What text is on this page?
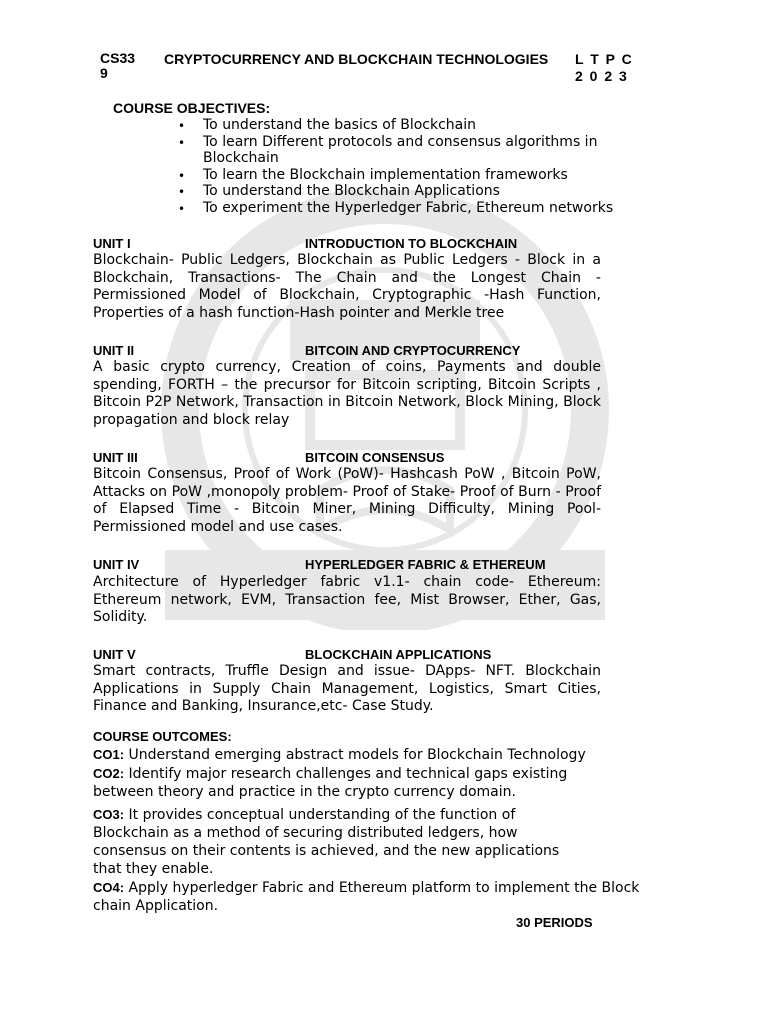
CS33 9
CRYPTOCURRENCY AND BLOCKCHAIN TECHNOLOGIES L T P C
2 0 2 3
COURSE OBJECTIVES:
• To understand the basics of Blockchain
• To learn Different protocols and consensus algorithms in Blockchain
• To learn the Blockchain implementation frameworks
• To understand the Blockchain Applications
• To experiment the Hyperledger Fabric, Ethereum networks
UNIT I	INTRODUCTION TO BLOCKCHAIN

Blockchain- Public Ledgers, Blockchain as Public Ledgers - Block in a Blockchain, Transactions- The Chain and the Longest Chain - Permissioned Model of Blockchain, Cryptographic -Hash Function, Properties of a hash function-Hash pointer and Merkle tree

UNIT II	BITCOIN AND CRYPTOCURRENCY

A basic crypto currency, Creation of coins, Payments and double spending, FORTH – the precursor for Bitcoin scripting, Bitcoin Scripts , Bitcoin P2P Network, Transaction in Bitcoin Network, Block Mining, Block propagation and block relay

UNIT III	BITCOIN CONSENSUS

Bitcoin Consensus, Proof of Work (PoW)- Hashcash PoW , Bitcoin PoW, Attacks on PoW ,monopoly problem- Proof of Stake- Proof of Burn - Proof of Elapsed Time - Bitcoin Miner, Mining Difficulty, Mining Pool-Permissioned model and use cases.

UNIT IV	HYPERLEDGER FABRIC & ETHEREUM

Architecture of Hyperledger fabric v1.1- chain code- Ethereum: Ethereum network, EVM, Transaction fee, Mist Browser, Ether, Gas, Solidity.

UNIT V	BLOCKCHAIN APPLICATIONS

Smart contracts, Truffle Design and issue- DApps- NFT. Blockchain Applications in Supply Chain Management, Logistics, Smart Cities, Finance and Banking, Insurance,etc- Case Study.

COURSE OUTCOMES:
CO1: Understand emerging abstract models for Blockchain Technology
CO2: Identify major research challenges and technical gaps existing
between theory and practice in the crypto currency domain.
CO3: It provides conceptual understanding of the function of
Blockchain as a method of securing distributed ledgers, how
consensus on their contents is achieved, and the new applications
that they enable.
CO4: Apply hyperledger Fabric and Ethereum platform to implement the Block
chain Application.
30 PERIODS
